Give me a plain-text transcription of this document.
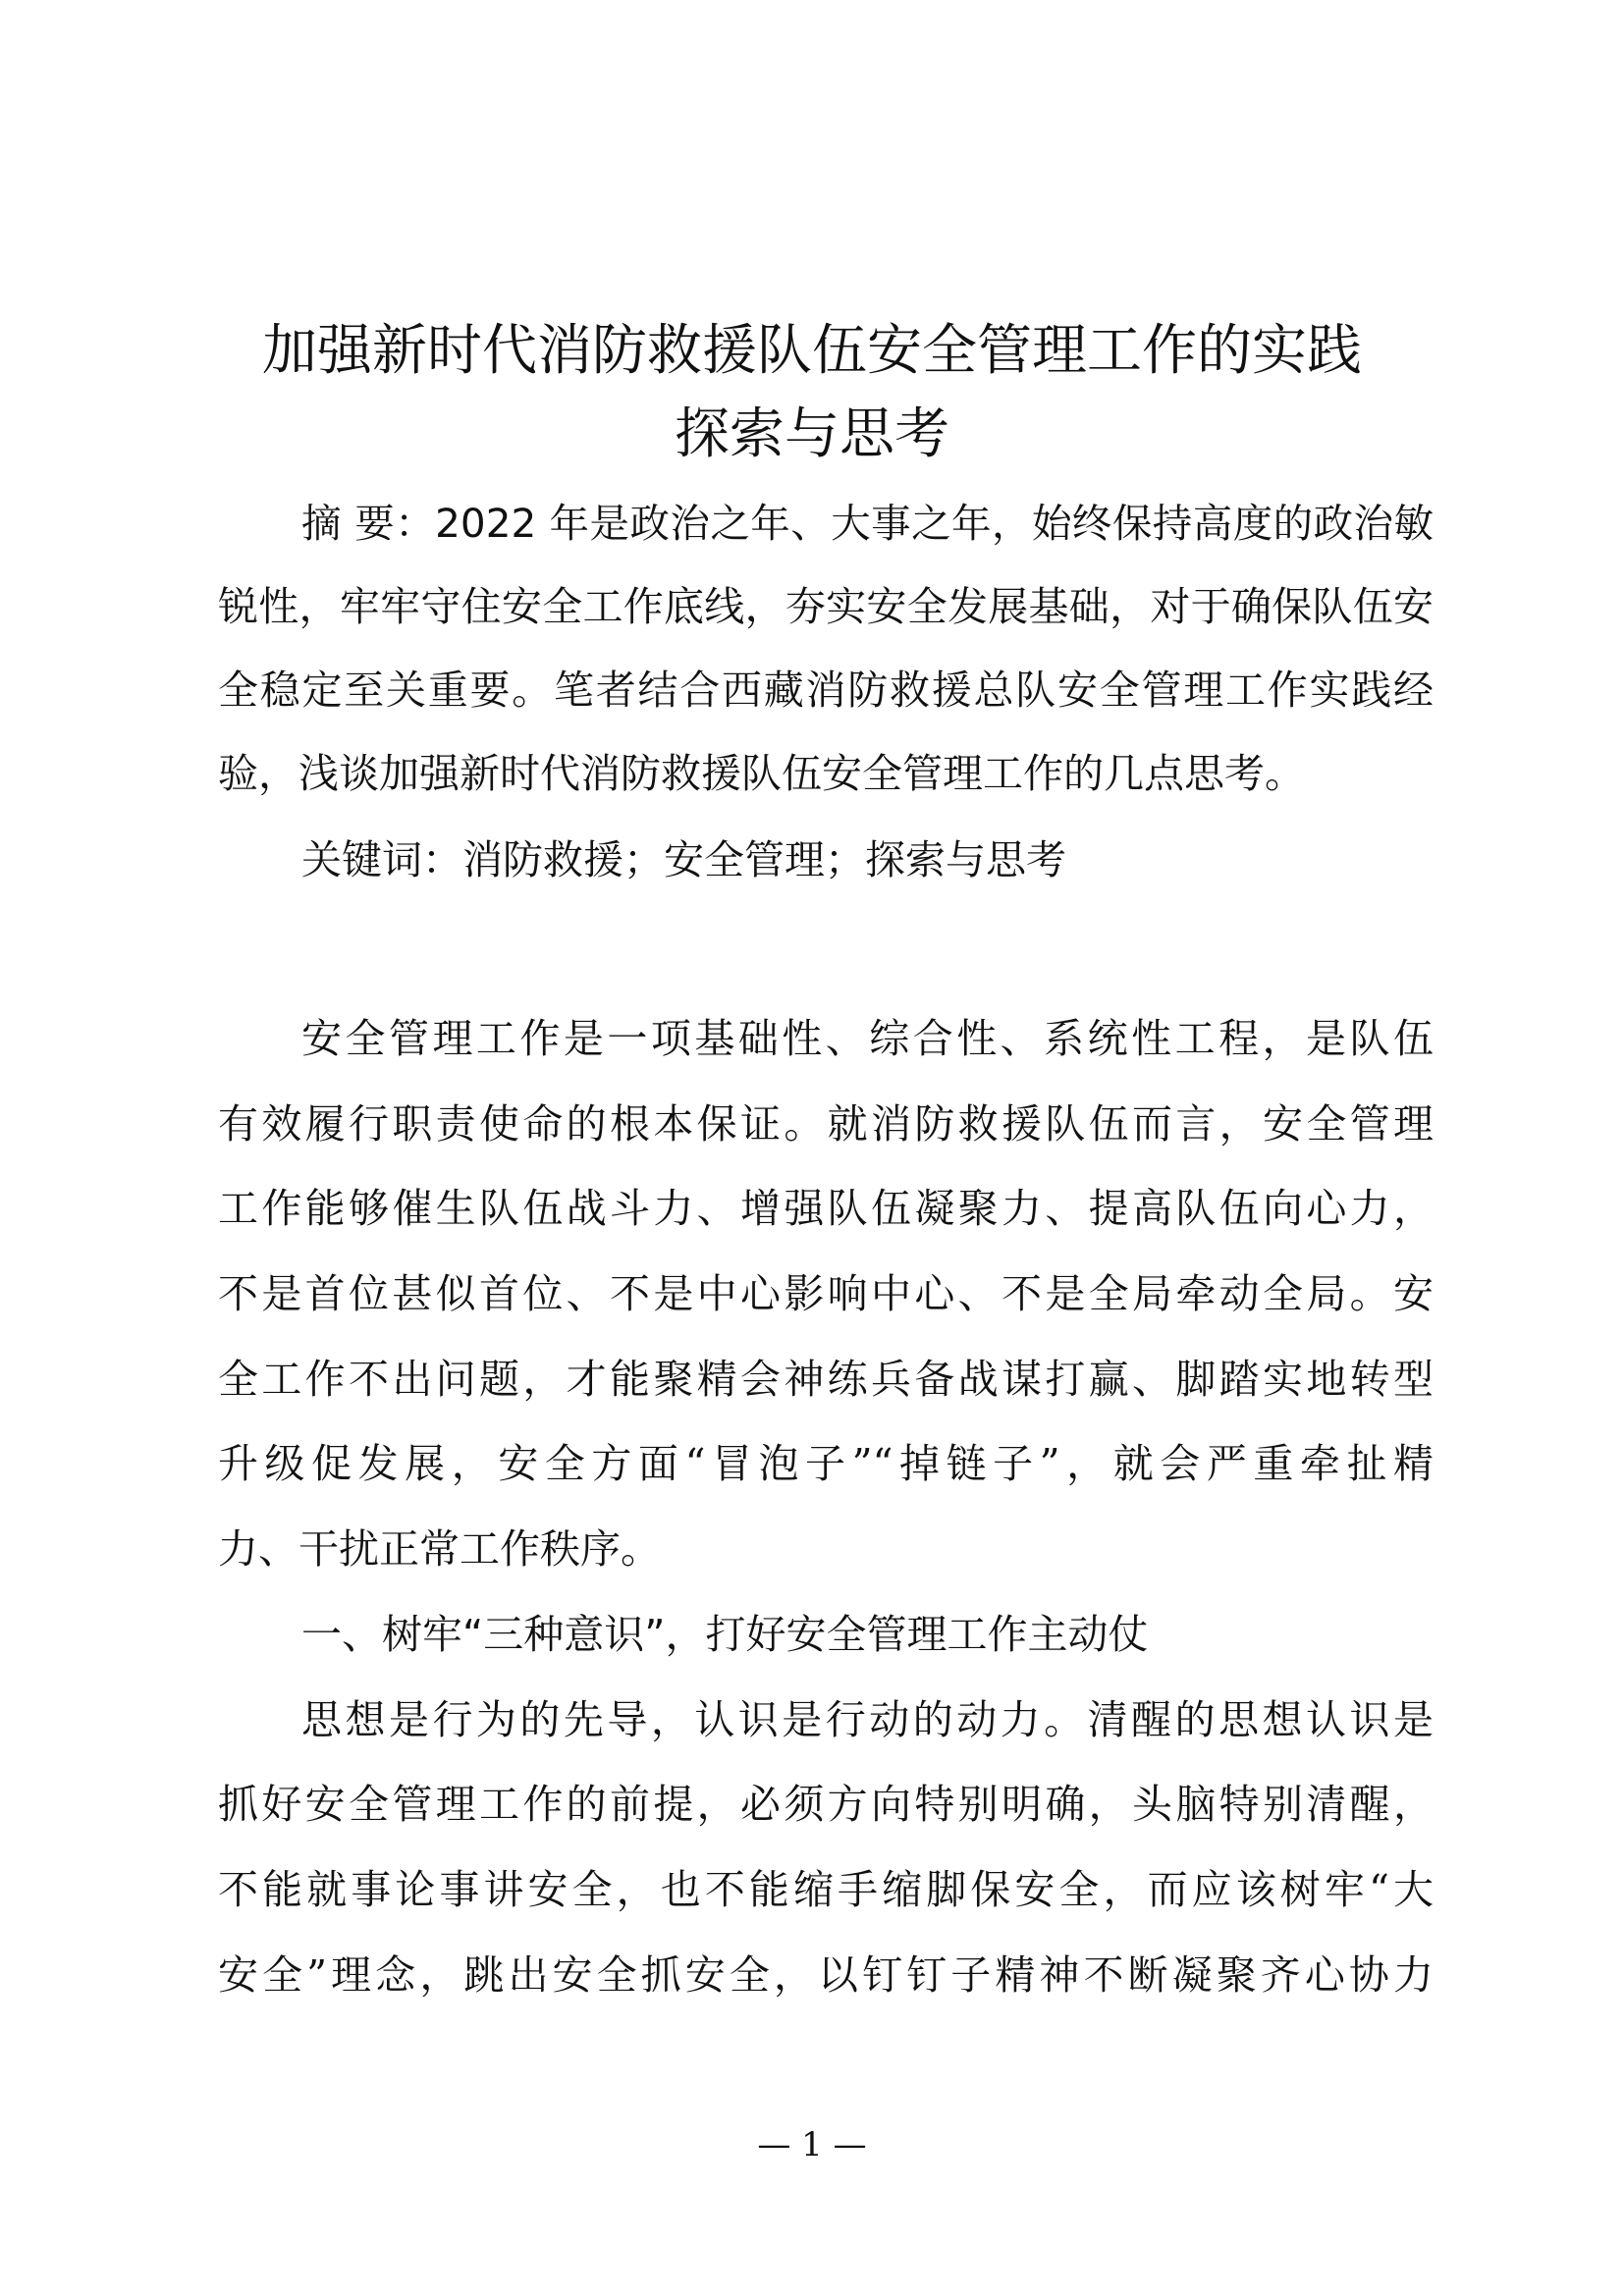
加强新时代消防救援队伍安全管理工作的实践
探索与思考
摘 要：2022 年是政治之年、大事之年，始终保持高度的政治敏
锐性，牢牢守住安全工作底线，夯实安全发展基础，对于确保队伍安
全稳定至关重要。笔者结合西藏消防救援总队安全管理工作实践经
验，浅谈加强新时代消防救援队伍安全管理工作的几点思考。
关键词：消防救援；安全管理；探索与思考
安全管理工作是一项基础性、综合性、系统性工程，是队伍
有效履行职责使命的根本保证。就消防救援队伍而言，安全管理
工作能够催生队伍战斗力、增强队伍凝聚力、提高队伍向心力，
不是首位甚似首位、不是中心影响中心、不是全局牵动全局。安
全工作不出问题，才能聚精会神练兵备战谋打赢、脚踏实地转型
升级促发展，安全方面“冒泡子”“掉链子”，就会严重牵扯精
力、干扰正常工作秩序。
一、树牢“三种意识”，打好安全管理工作主动仗
思想是行为的先导，认识是行动的动力。清醒的思想认识是
抓好安全管理工作的前提，必须方向特别明确，头脑特别清醒，
不能就事论事讲安全，也不能缩手缩脚保安全，而应该树牢“大
安全”理念，跳出安全抓安全，以钉钉子精神不断凝聚齐心协力
— 1 —
